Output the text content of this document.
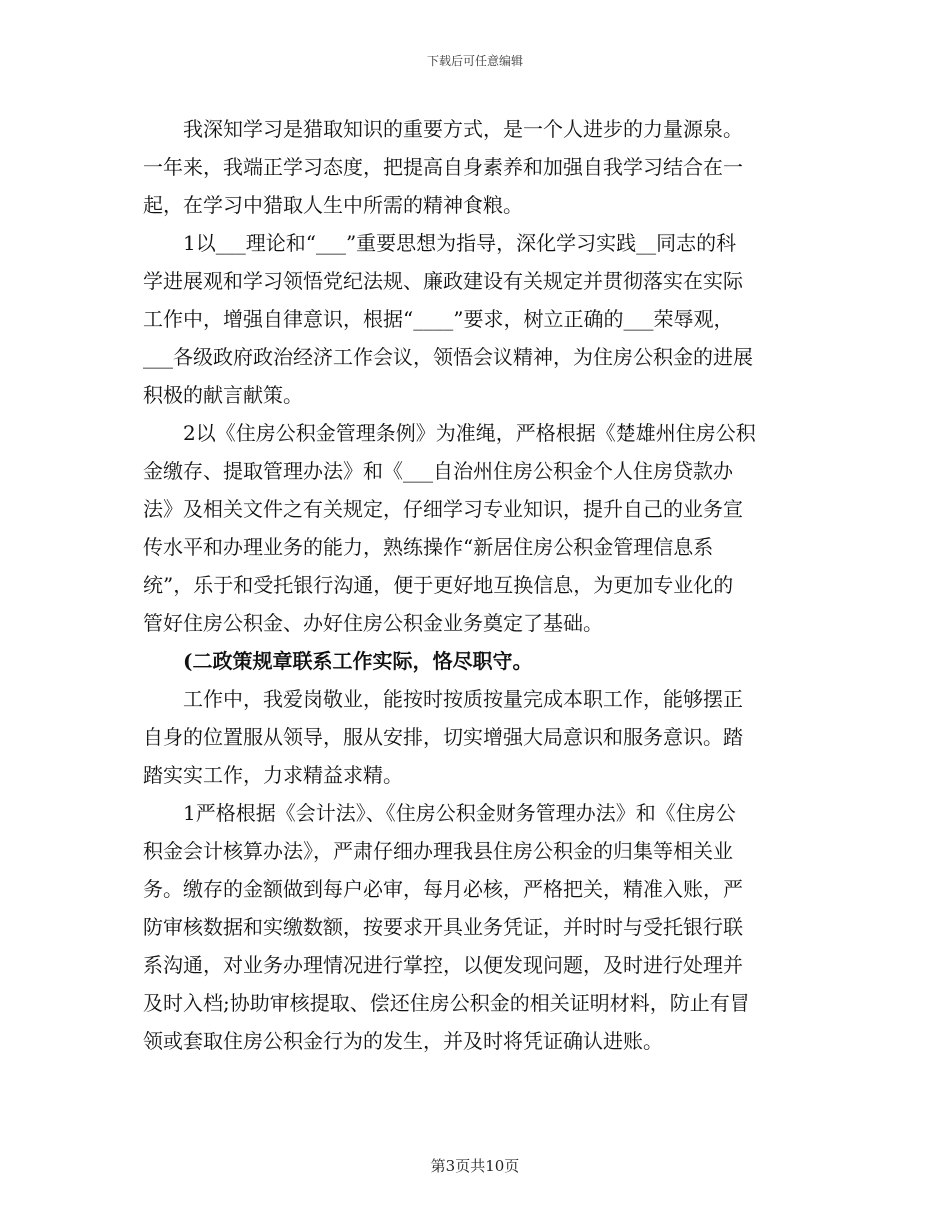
下载后可任意编辑
我深知学习是猎取知识的重要方式，是一个人进步的力量源泉。
一年来，我端正学习态度，把提高自身素养和加强自我学习结合在一
起，在学习中猎取人生中所需的精神食粮。
1以___理论和“___”重要思想为指导，深化学习实践__同志的科
学进展观和学习领悟党纪法规、廉政建设有关规定并贯彻落实在实际
工作中，增强自律意识，根据“____”要求，树立正确的___荣辱观，
___各级政府政治经济工作会议，领悟会议精神，为住房公积金的进展
积极的献言献策。
2以《住房公积金管理条例》为准绳，严格根据《楚雄州住房公积
金缴存、提取管理办法》和《___自治州住房公积金个人住房贷款办
法》及相关文件之有关规定，仔细学习专业知识，提升自己的业务宣
传水平和办理业务的能力，熟练操作“新居住房公积金管理信息系
统”，乐于和受托银行沟通，便于更好地互换信息，为更加专业化的
管好住房公积金、办好住房公积金业务奠定了基础。
(二政策规章联系工作实际，恪尽职守。
工作中，我爱岗敬业，能按时按质按量完成本职工作，能够摆正
自身的位置服从领导，服从安排，切实增强大局意识和服务意识。踏
踏实实工作，力求精益求精。
1严格根据《会计法》、《住房公积金财务管理办法》和《住房公
积金会计核算办法》，严肃仔细办理我县住房公积金的归集等相关业
务。缴存的金额做到每户必审，每月必核，严格把关，精准入账，严
防审核数据和实缴数额，按要求开具业务凭证，并时时与受托银行联
系沟通，对业务办理情况进行掌控，以便发现问题，及时进行处理并
及时入档;协助审核提取、偿还住房公积金的相关证明材料，防止有冒
领或套取住房公积金行为的发生，并及时将凭证确认进账。
第3页共10页
